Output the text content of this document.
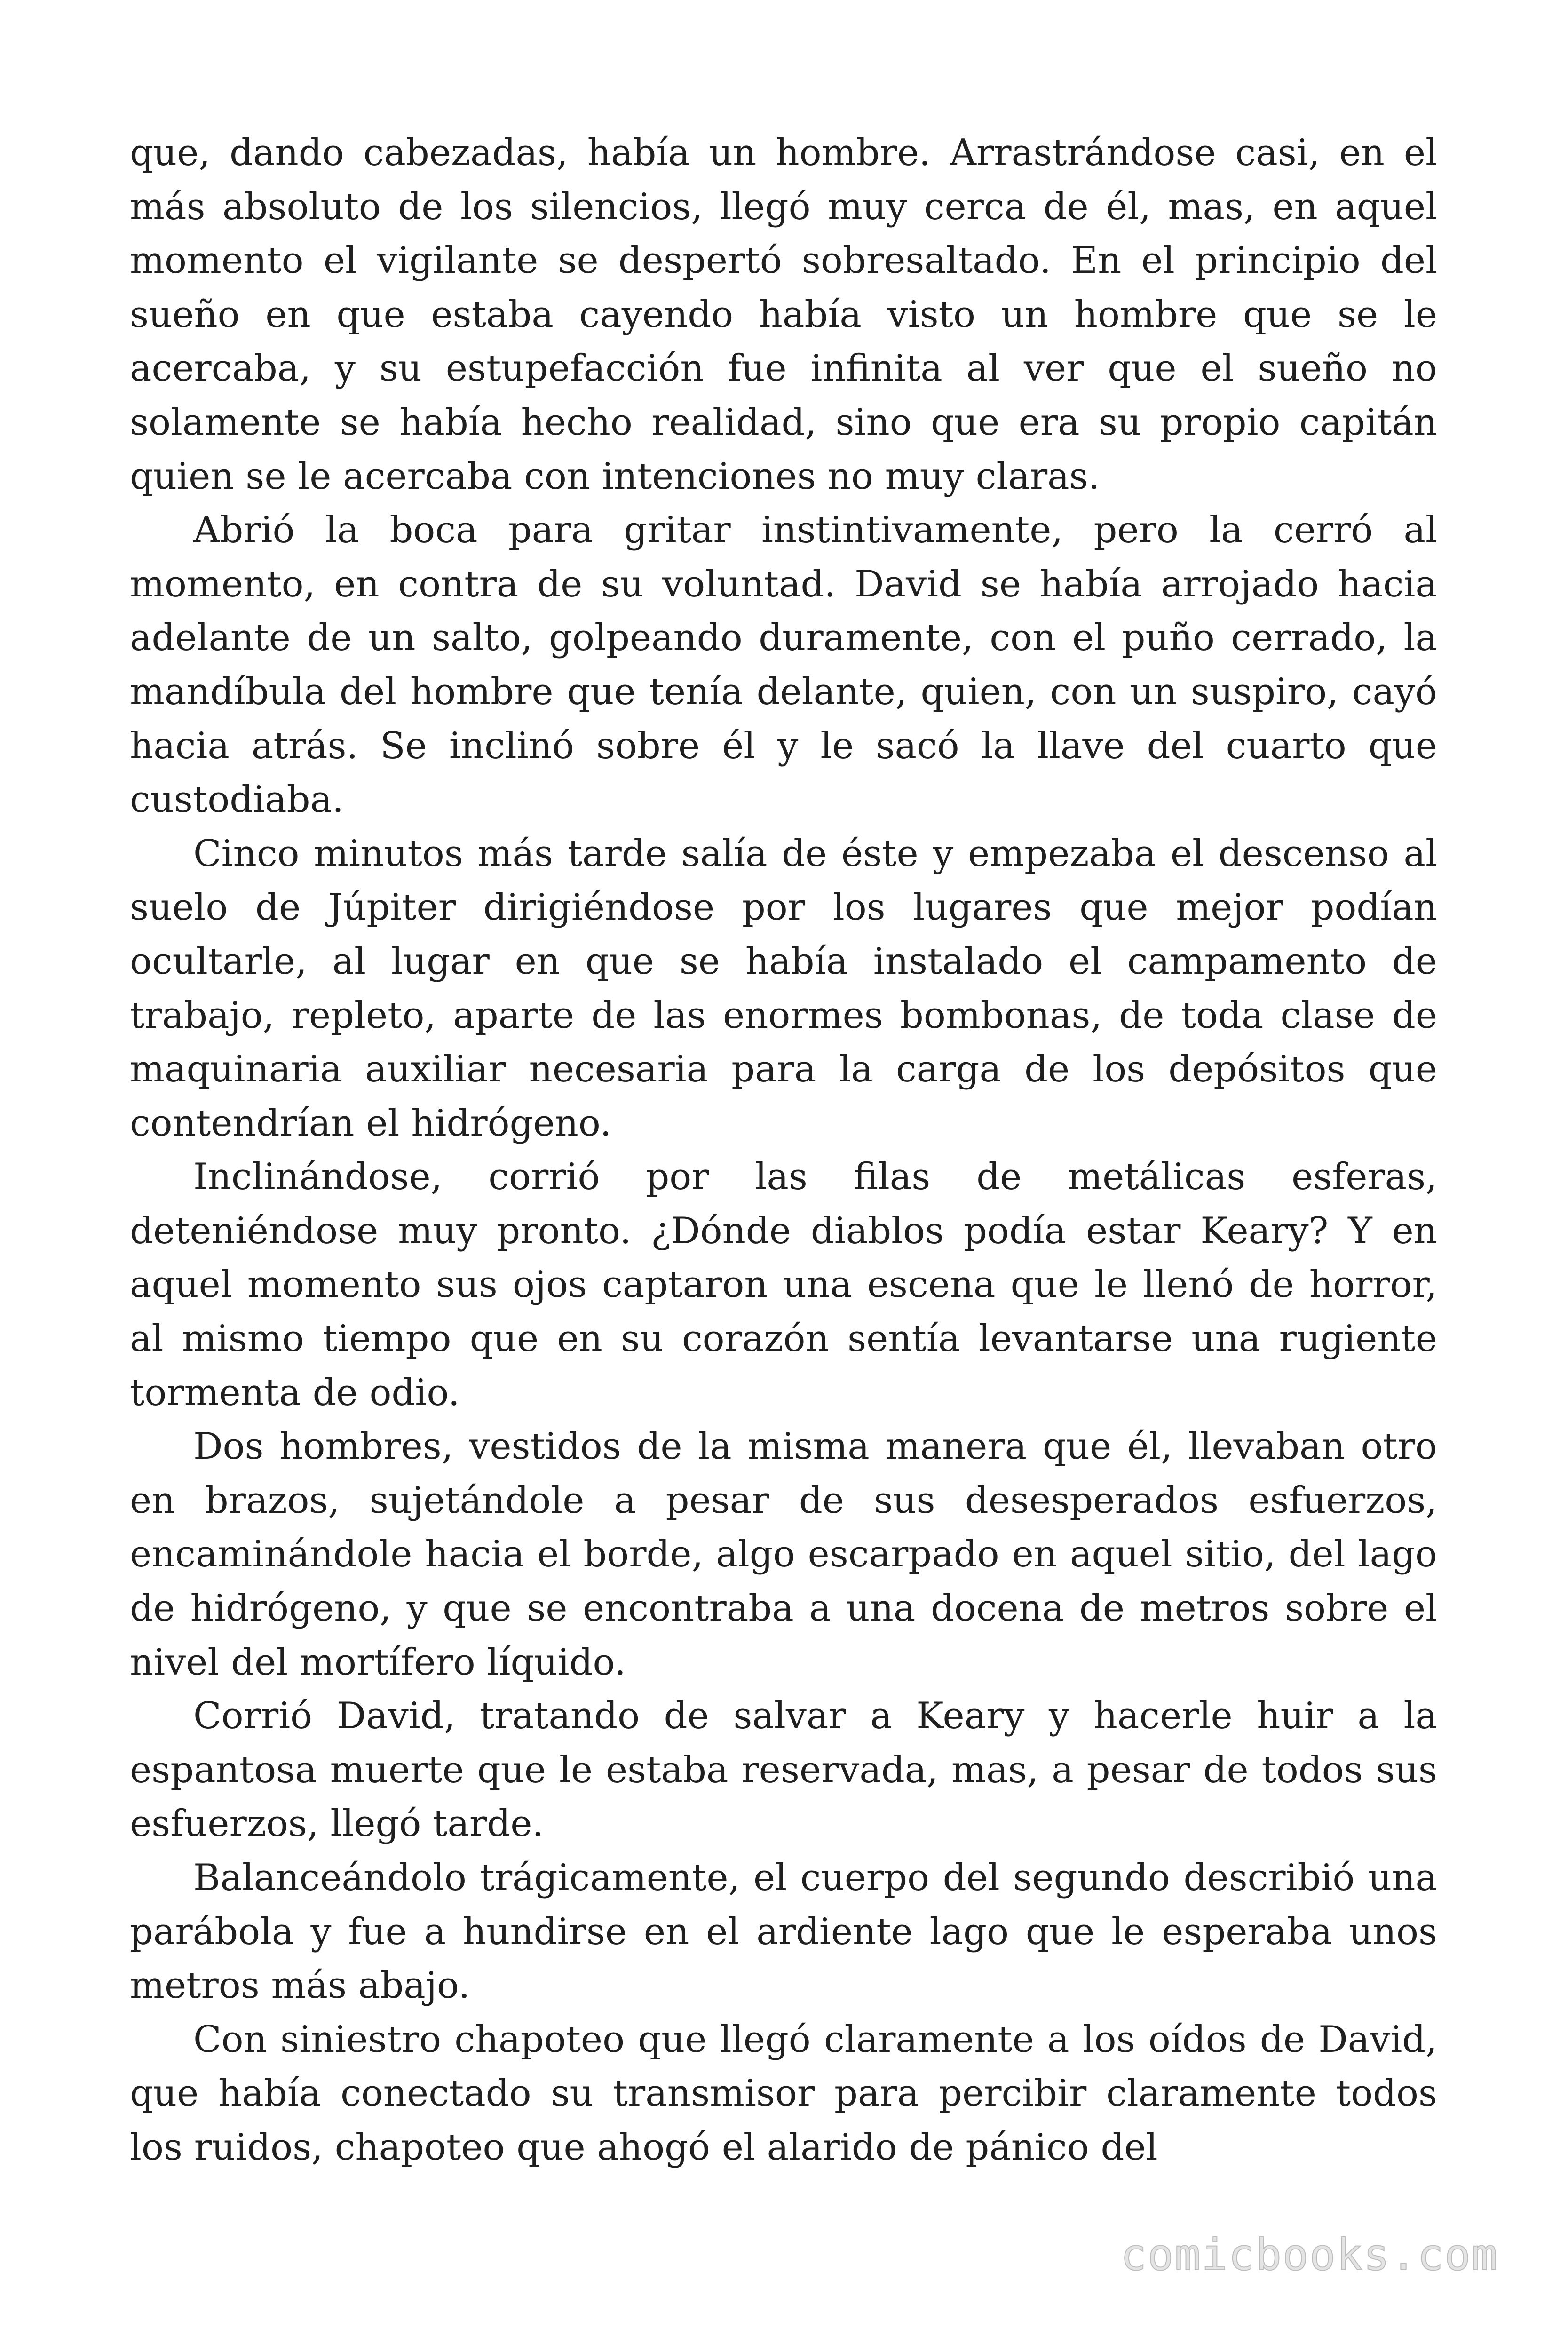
que, dando cabezadas, había un hombre. Arrastrándose casi, en el más absoluto de los silencios, llegó muy cerca de él, mas, en aquel momento el vigilante se despertó sobresaltado. En el principio del sueño en que estaba cayendo había visto un hombre que se le acercaba, y su estupefacción fue infinita al ver que el sueño no solamente se había hecho realidad, sino que era su propio capitán quien se le acercaba con intenciones no muy claras.

Abrió la boca para gritar instintivamente, pero la cerró al momento, en contra de su voluntad. David se había arrojado hacia adelante de un salto, golpeando duramente, con el puño cerrado, la mandíbula del hombre que tenía delante, quien, con un suspiro, cayó hacia atrás. Se inclinó sobre él y le sacó la llave del cuarto que custodiaba.

Cinco minutos más tarde salía de éste y empezaba el descenso al suelo de Júpiter dirigiéndose por los lugares que mejor podían ocultarle, al lugar en que se había instalado el campamento de trabajo, repleto, aparte de las enormes bombonas, de toda clase de maquinaria auxiliar necesaria para la carga de los depósitos que contendrían el hidrógeno.

Inclinándose, corrió por las filas de metálicas esferas, deteniéndose muy pronto. ¿Dónde diablos podía estar Keary? Y en aquel momento sus ojos captaron una escena que le llenó de horror, al mismo tiempo que en su corazón sentía levantarse una rugiente tormenta de odio.

Dos hombres, vestidos de la misma manera que él, llevaban otro en brazos, sujetándole a pesar de sus desesperados esfuerzos, encaminándole hacia el borde, algo escarpado en aquel sitio, del lago de hidrógeno, y que se encontraba a una docena de metros sobre el nivel del mortífero líquido.

Corrió David, tratando de salvar a Keary y hacerle huir a la espantosa muerte que le estaba reservada, mas, a pesar de todos sus esfuerzos, llegó tarde.

Balanceándolo trágicamente, el cuerpo del segundo describió una parábola y fue a hundirse en el ardiente lago que le esperaba unos metros más abajo.

Con siniestro chapoteo que llegó claramente a los oídos de David, que había conectado su transmisor para percibir claramente todos los ruidos, chapoteo que ahogó el alarido de pánico del

comicbooks.com
